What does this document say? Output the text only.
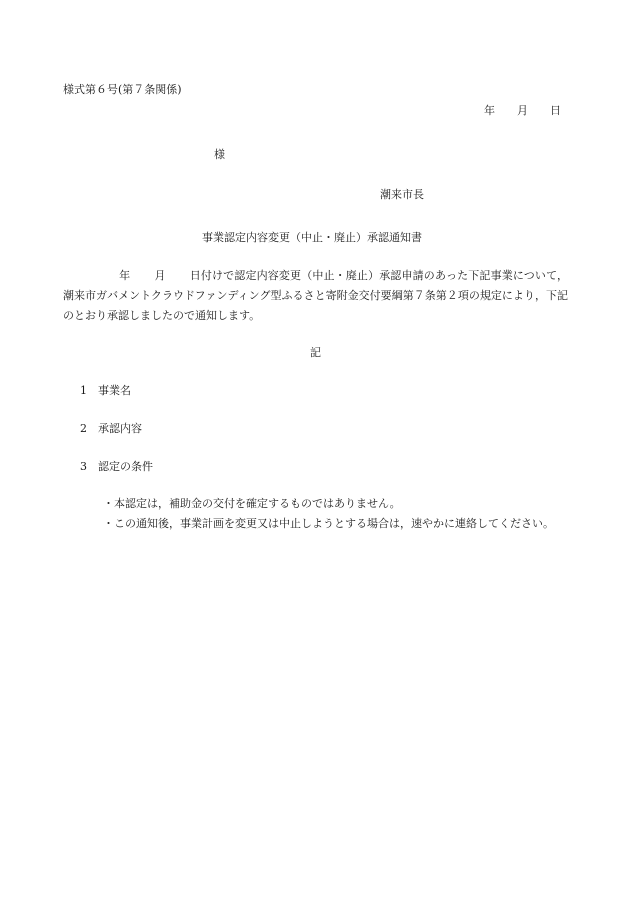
様式第６号(第７条関係)
年 月 日
様
潮来市長
事業認定内容変更（中止・廃止）承認通知書
年 月 日付けで認定内容変更（中止・廃止）承認申請のあった下記事業について，潮来市ガバメントクラウドファンディング型ふるさと寄附金交付要綱第７条第２項の規定により，下記のとおり承認しましたので通知します。
記
1 事業名
2 承認内容
3 認定の条件
・本認定は，補助金の交付を確定するものではありません。
・この通知後，事業計画を変更又は中止しようとする場合は，速やかに連絡してください。
